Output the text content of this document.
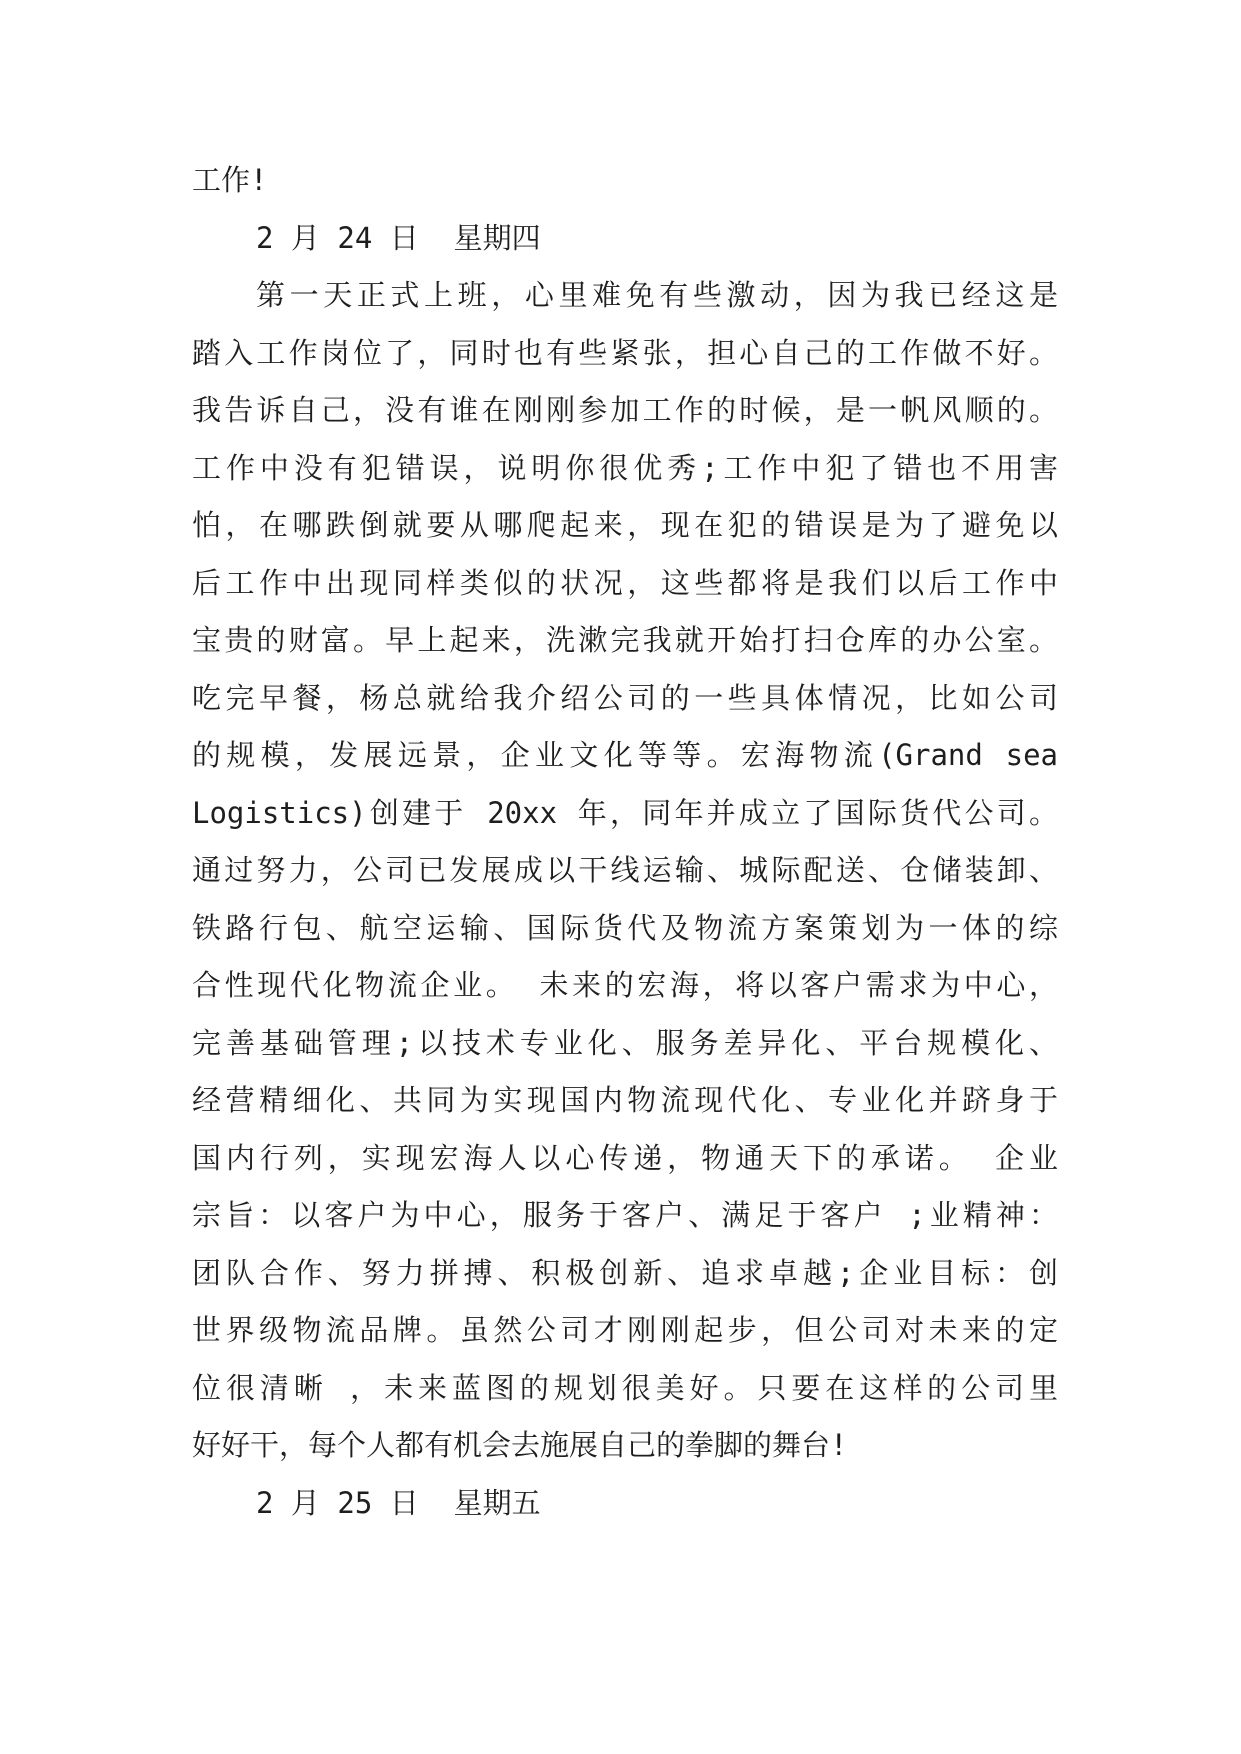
工作!
2 月 24 日  星期四
第一天正式上班，心里难免有些激动，因为我已经这是
踏入工作岗位了，同时也有些紧张，担心自己的工作做不好。
我告诉自己，没有谁在刚刚参加工作的时候，是一帆风顺的。
工作中没有犯错误，说明你很优秀;工作中犯了错也不用害
怕，在哪跌倒就要从哪爬起来，现在犯的错误是为了避免以
后工作中出现同样类似的状况，这些都将是我们以后工作中
宝贵的财富。早上起来，洗漱完我就开始打扫仓库的办公室。
吃完早餐，杨总就给我介绍公司的一些具体情况，比如公司
的规模，发展远景，企业文化等等。宏海物流(Grand sea
Logistics)创建于 20xx 年，同年并成立了国际货代公司。
通过努力，公司已发展成以干线运输、城际配送、仓储装卸、
铁路行包、航空运输、国际货代及物流方案策划为一体的综
合性现代化物流企业。 未来的宏海，将以客户需求为中心，
完善基础管理;以技术专业化、服务差异化、平台规模化、
经营精细化、共同为实现国内物流现代化、专业化并跻身于
国内行列，实现宏海人以心传递，物通天下的承诺。 企业
宗旨：以客户为中心，服务于客户、满足于客户 ;业精神：
团队合作、努力拼搏、积极创新、追求卓越;企业目标：创
世界级物流品牌。虽然公司才刚刚起步，但公司对未来的定
位很清晰 ，未来蓝图的规划很美好。只要在这样的公司里
好好干，每个人都有机会去施展自己的拳脚的舞台!
2 月 25 日  星期五
